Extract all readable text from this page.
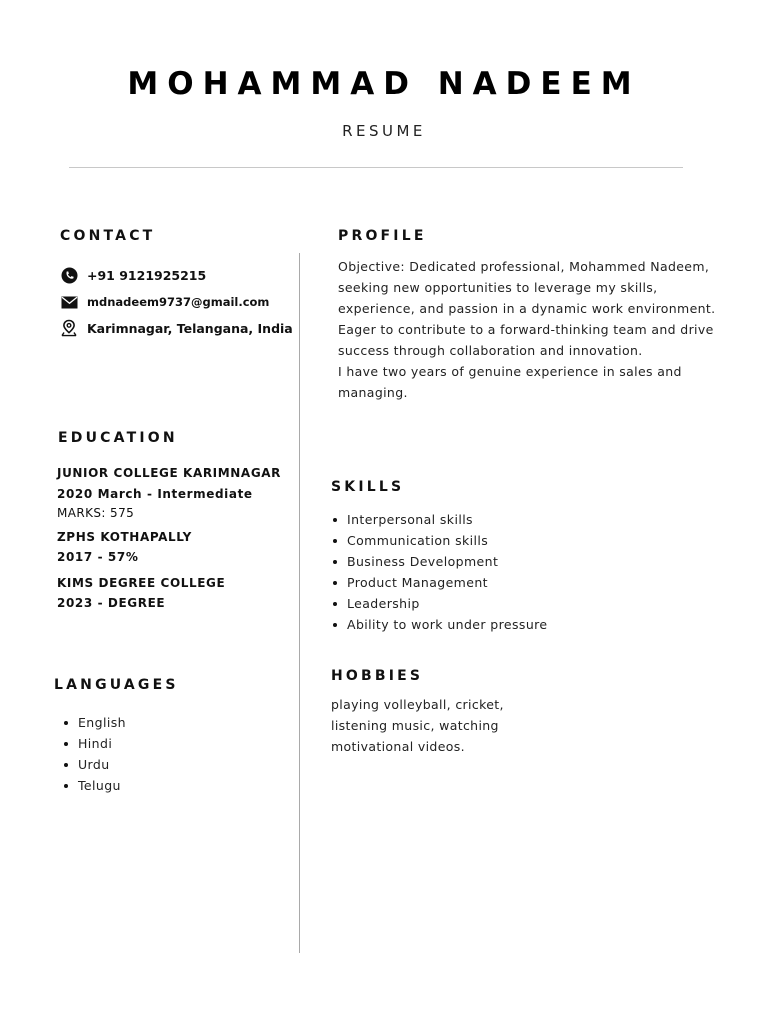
MOHAMMAD NADEEM
RESUME
CONTACT
+91 9121925215
mdnadeem9737@gmail.com
Karimnagar, Telangana, India
PROFILE
Objective: Dedicated professional, Mohammed Nadeem,
seeking new opportunities to leverage my skills,
experience, and passion in a dynamic work environment.
Eager to contribute to a forward-thinking team and drive
success through collaboration and innovation.
I have two years of genuine experience in sales and
managing.
EDUCATION
JUNIOR COLLEGE KARIMNAGAR
2020 March - Intermediate
MARKS: 575
ZPHS KOTHAPALLY
2017 - 57%
KIMS DEGREE COLLEGE
2023 - DEGREE
SKILLS
Interpersonal skills
Communication skills
Business Development
Product Management
Leadership
Ability to work under pressure
LANGUAGES
English
Hindi
Urdu
Telugu
HOBBIES
playing volleyball, cricket,
listening music, watching
motivational videos.
